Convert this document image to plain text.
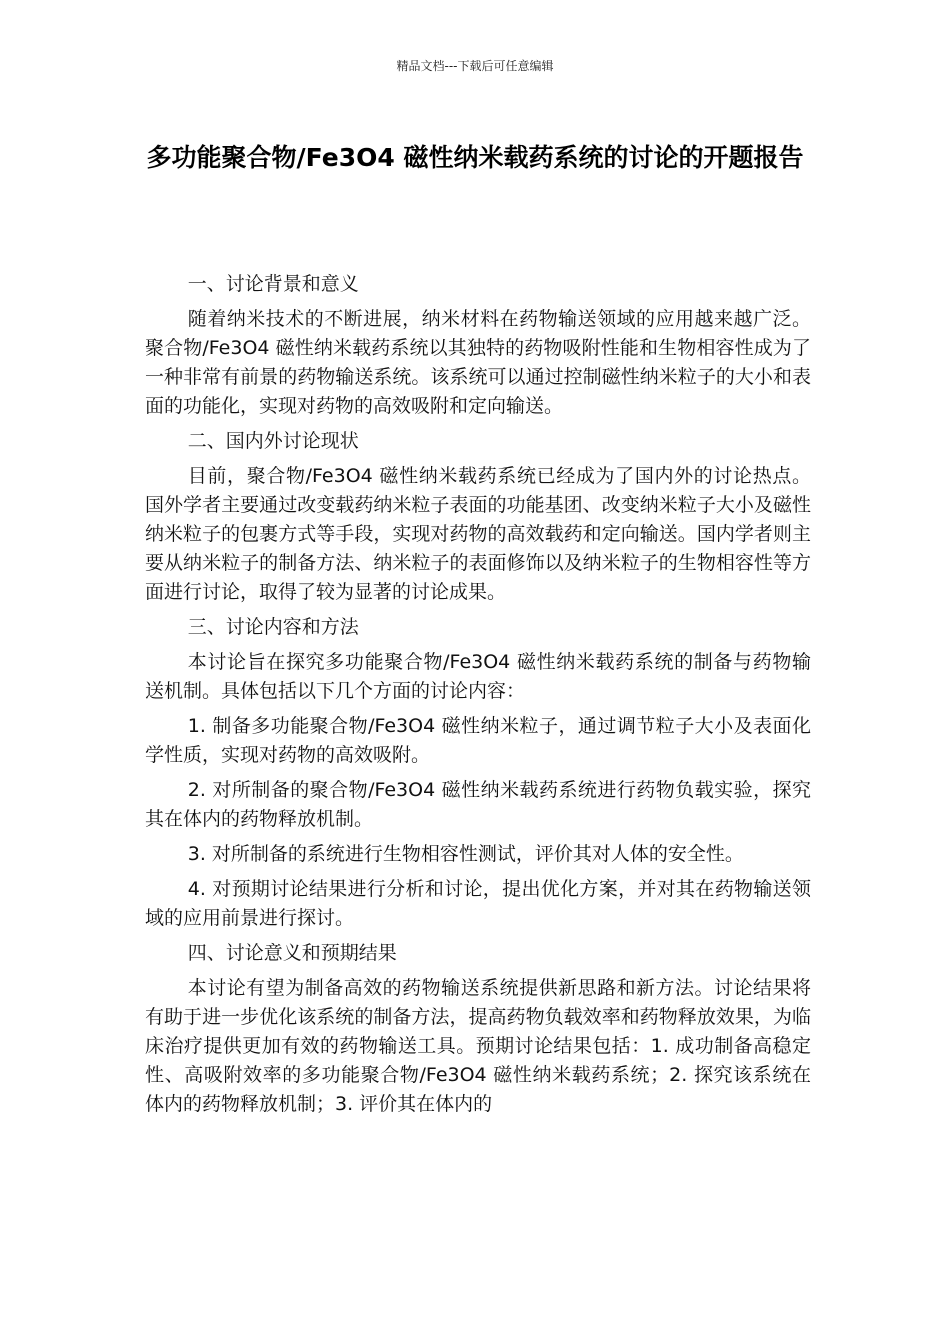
精品文档---下载后可任意编辑
多功能聚合物/Fe3O4 磁性纳米载药系统的讨论的开题报告

一、讨论背景和意义

随着纳米技术的不断进展，纳米材料在药物输送领域的应用越来越广泛。聚合物/Fe3O4 磁性纳米载药系统以其独特的药物吸附性能和生物相容性成为了一种非常有前景的药物输送系统。该系统可以通过控制磁性纳米粒子的大小和表面的功能化，实现对药物的高效吸附和定向输送。

二、国内外讨论现状

目前，聚合物/Fe3O4 磁性纳米载药系统已经成为了国内外的讨论热点。国外学者主要通过改变载药纳米粒子表面的功能基团、改变纳米粒子大小及磁性纳米粒子的包裹方式等手段，实现对药物的高效载药和定向输送。国内学者则主要从纳米粒子的制备方法、纳米粒子的表面修饰以及纳米粒子的生物相容性等方面进行讨论，取得了较为显著的讨论成果。

三、讨论内容和方法

本讨论旨在探究多功能聚合物/Fe3O4 磁性纳米载药系统的制备与药物输送机制。具体包括以下几个方面的讨论内容：

1. 制备多功能聚合物/Fe3O4 磁性纳米粒子，通过调节粒子大小及表面化学性质，实现对药物的高效吸附。

2. 对所制备的聚合物/Fe3O4 磁性纳米载药系统进行药物负载实验，探究其在体内的药物释放机制。

3. 对所制备的系统进行生物相容性测试，评价其对人体的安全性。

4. 对预期讨论结果进行分析和讨论，提出优化方案，并对其在药物输送领域的应用前景进行探讨。

四、讨论意义和预期结果

本讨论有望为制备高效的药物输送系统提供新思路和新方法。讨论结果将有助于进一步优化该系统的制备方法，提高药物负载效率和药物释放效果，为临床治疗提供更加有效的药物输送工具。预期讨论结果包括：1. 成功制备高稳定性、高吸附效率的多功能聚合物/Fe3O4 磁性纳米载药系统；2. 探究该系统在体内的药物释放机制；3. 评价其在体内的
